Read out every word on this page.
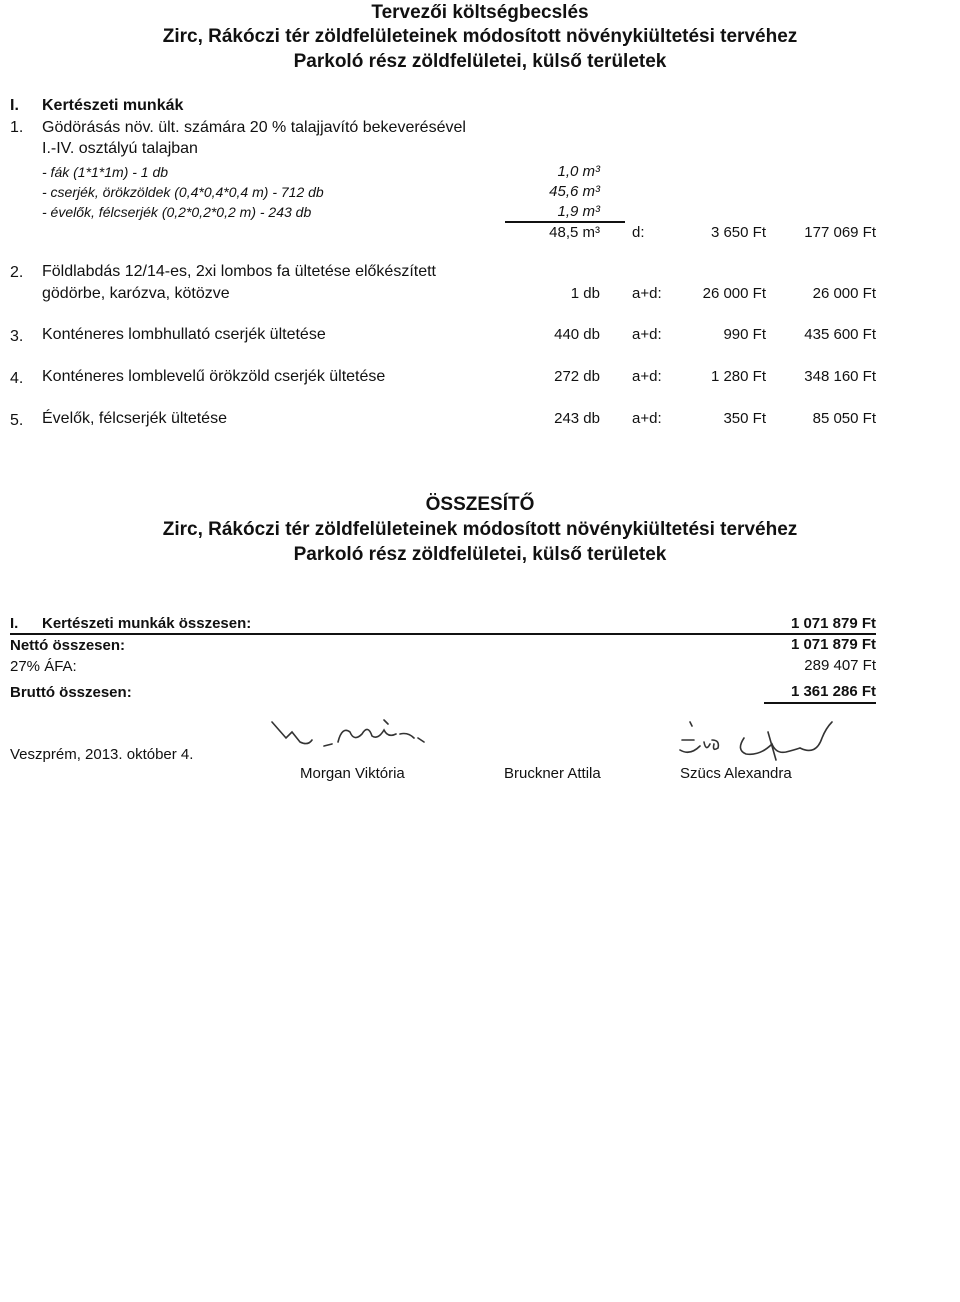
Tervezői költségbecslés
Zirc, Rákóczi tér zöldfelületeinek módosított növénykiültetési tervéhez
Parkoló rész zöldfelületei, külső területek
I. Kertészeti munkák
1. Gödörásás növ. ült. számára 20 % talajjavító bekeverésével
I.-IV. osztályú talajban
- fák (1*1*1m) - 1 db	1,0 m³
- cserjék, örökzöldek (0,4*0,4*0,4 m) - 712 db	45,6 m³
- évelők, félcserjék (0,2*0,2*0,2 m) - 243 db	1,9 m³
48,5 m³ d:	3 650 Ft	177 069 Ft
2. Földlabdás 12/14-es, 2xi lombos fa ültetése előkészített
gödörbe, karózva, kötözve	1 db a+d:	26 000 Ft	26 000 Ft
3. Konténeres lombhullató cserjék ültetése	440 db a+d:	990 Ft	435 600 Ft
4. Konténeres lomblevelű örökzöld cserjék ültetése	272 db a+d:	1 280 Ft	348 160 Ft
5. Évelők, félcserjék ültetése	243 db a+d:	350 Ft	85 050 Ft
ÖSSZESÍTŐ
Zirc, Rákóczi tér zöldfelületeinek módosított növénykiültetési tervéhez
Parkoló rész zöldfelületei, külső területek
I. Kertészeti munkák összesen:	1 071 879 Ft
Nettó összesen:	1 071 879 Ft
27% ÁFA:	289 407 Ft
Bruttó összesen:	1 361 286 Ft
Veszprém, 2013. október 4.
Morgan Viktória	Bruckner Attila	Szücs Alexandra
